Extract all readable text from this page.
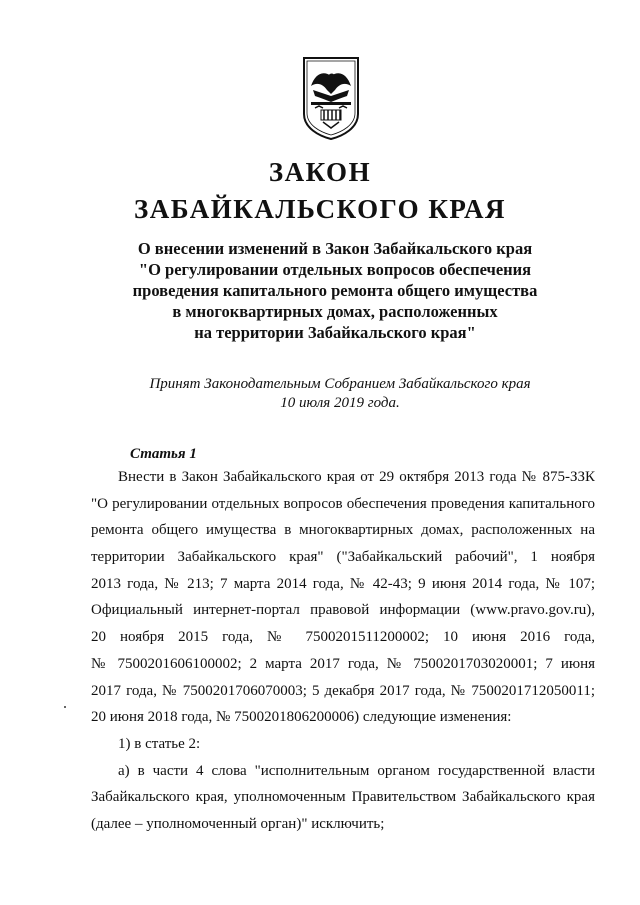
ЗАКОН
ЗАБАЙКАЛЬСКОГО КРАЯ
О внесении изменений в Закон Забайкальского края
"О регулировании отдельных вопросов обеспечения
проведения капитального ремонта общего имущества
в многоквартирных домах, расположенных
на территории Забайкальского края"
Принят Законодательным Собранием Забайкальского края
10 июля 2019 года.
Статья 1
Внести в Закон Забайкальского края от 29 октября 2013 года № 875-ЗЗК
"О регулировании отдельных вопросов обеспечения проведения капитального
ремонта общего имущества в многоквартирных домах, расположенных на
территории Забайкальского края" ("Забайкальский рабочий", 1 ноября
2013 года, № 213; 7 марта 2014 года, № 42-43; 9 июня 2014 года, № 107;
Официальный интернет-портал правовой информации (www.pravo.gov.ru),
20 ноября 2015 года, № 7500201511200002; 10 июня 2016 года,
№ 7500201606100002; 2 марта 2017 года, № 7500201703020001; 7 июня
2017 года, № 7500201706070003; 5 декабря 2017 года, № 7500201712050011;
20 июня 2018 года, № 7500201806200006) следующие изменения:
1) в статье 2:
а) в части 4 слова "исполнительным органом государственной власти
Забайкальского края, уполномоченным Правительством Забайкальского края
(далее – уполномоченный орган)" исключить;
